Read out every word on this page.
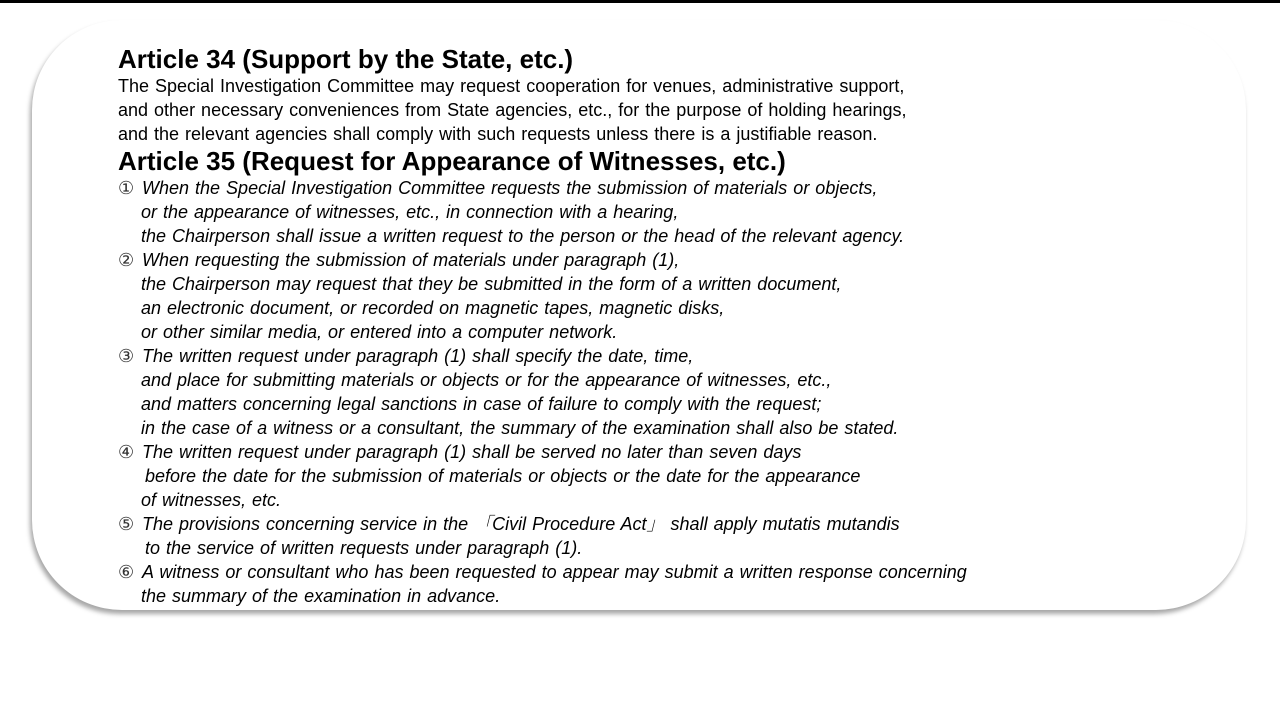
Article 34 (Support by the State, etc.)
The Special Investigation Committee may request cooperation for venues, administrative support,
and other necessary conveniences from State agencies, etc., for the purpose of holding hearings,
and the relevant agencies shall comply with such requests unless there is a justifiable reason.
Article 35 (Request for Appearance of Witnesses, etc.)
① When the Special Investigation Committee requests the submission of materials or objects,
or the appearance of witnesses, etc., in connection with a hearing,
the Chairperson shall issue a written request to the person or the head of the relevant agency.
② When requesting the submission of materials under paragraph (1),
the Chairperson may request that they be submitted in the form of a written document,
an electronic document, or recorded on magnetic tapes, magnetic disks,
or other similar media, or entered into a computer network.
③ The written request under paragraph (1) shall specify the date, time,
and place for submitting materials or objects or for the appearance of witnesses, etc.,
and matters concerning legal sanctions in case of failure to comply with the request;
in the case of a witness or a consultant, the summary of the examination shall also be stated.
④ The written request under paragraph (1) shall be served no later than seven days
before the date for the submission of materials or objects or the date for the appearance
of witnesses, etc.
⑤ The provisions concerning service in the 「Civil Procedure Act」 shall apply mutatis mutandis
to the service of written requests under paragraph (1).
⑥ A witness or consultant who has been requested to appear may submit a written response concerning
the summary of the examination in advance.
